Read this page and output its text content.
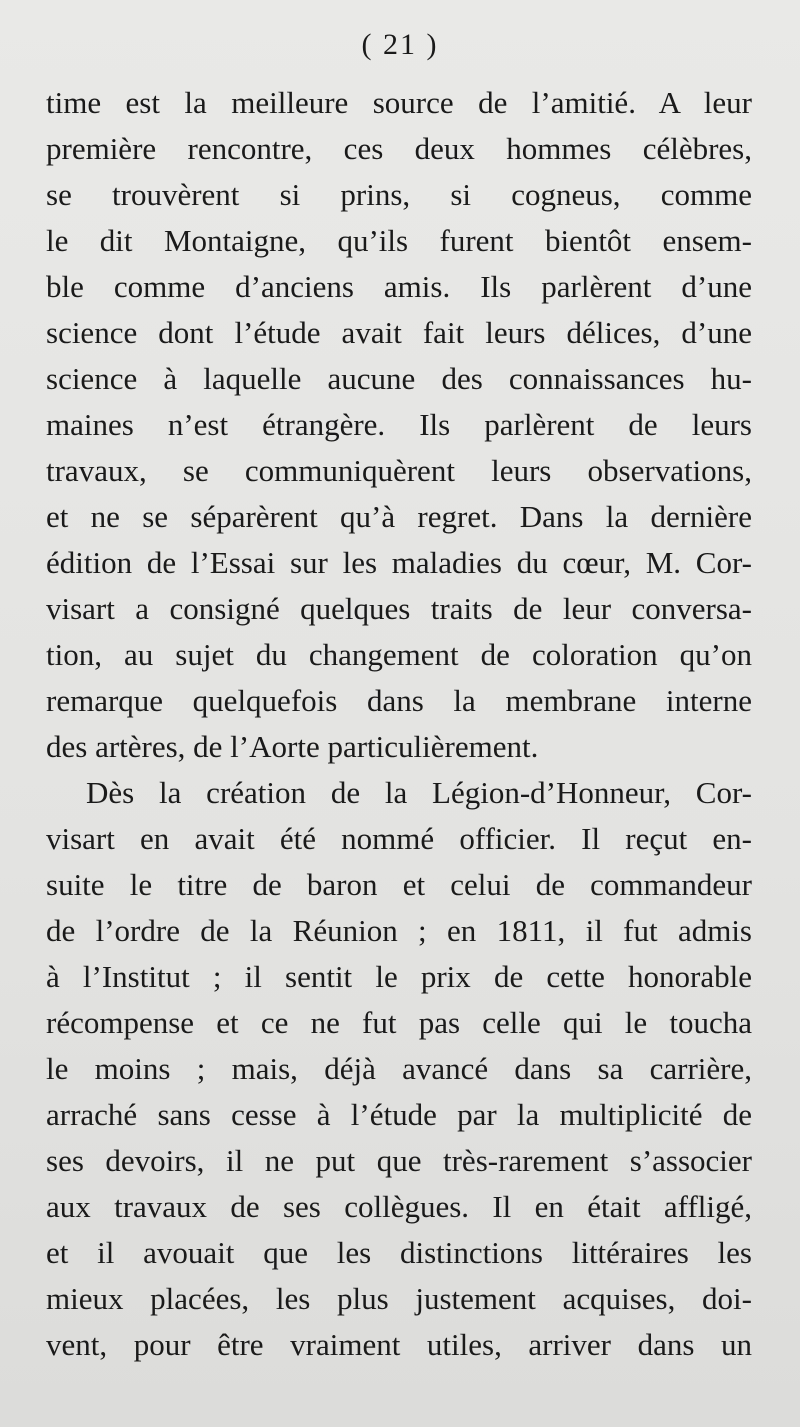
( 21 )
time est la meilleure source de l’amitié. A leur
première rencontre, ces deux hommes célèbres,
se trouvèrent si prins, si cogneus, comme
le dit Montaigne, qu’ils furent bientôt ensem-
ble comme d’anciens amis. Ils parlèrent d’une
science dont l’étude avait fait leurs délices, d’une
science à laquelle aucune des connaissances hu-
maines n’est étrangère. Ils parlèrent de leurs
travaux, se communiquèrent leurs observations,
et ne se séparèrent qu’à regret. Dans la dernière
édition de l’Essai sur les maladies du cœur, M. Cor-
visart a consigné quelques traits de leur conversa-
tion, au sujet du changement de coloration qu’on
remarque quelquefois dans la membrane interne
des artères, de l’Aorte particulièrement.
Dès la création de la Légion-d’Honneur, Cor-
visart en avait été nommé officier. Il reçut en-
suite le titre de baron et celui de commandeur
de l’ordre de la Réunion ; en 1811, il fut admis
à l’Institut ; il sentit le prix de cette honorable
récompense et ce ne fut pas celle qui le toucha
le moins ; mais, déjà avancé dans sa carrière,
arraché sans cesse à l’étude par la multiplicité de
ses devoirs, il ne put que très-rarement s’associer
aux travaux de ses collègues. Il en était affligé,
et il avouait que les distinctions littéraires les
mieux placées, les plus justement acquises, doi-
vent, pour être vraiment utiles, arriver dans un
